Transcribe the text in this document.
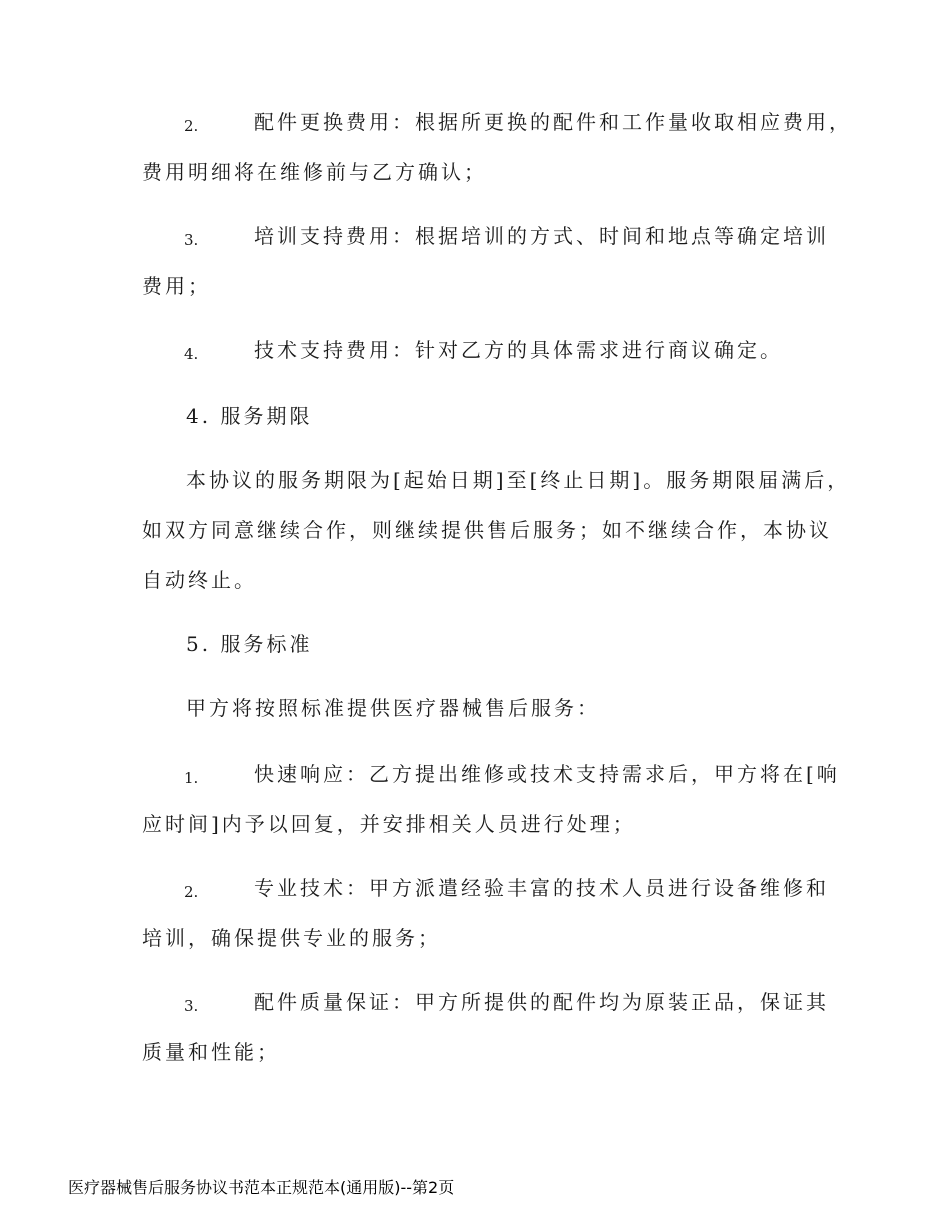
2.	配件更换费用：根据所更换的配件和工作量收取相应费用，
费用明细将在维修前与乙方确认；
3.	培训支持费用：根据培训的方式、时间和地点等确定培训
费用；
4.	技术支持费用：针对乙方的具体需求进行商议确定。
4. 服务期限
本协议的服务期限为[起始日期]至[终止日期]。服务期限届满后，
如双方同意继续合作，则继续提供售后服务；如不继续合作，本协议
自动终止。
5. 服务标准
甲方将按照标准提供医疗器械售后服务：
1.	快速响应：乙方提出维修或技术支持需求后，甲方将在[响
应时间]内予以回复，并安排相关人员进行处理；
2.	专业技术：甲方派遣经验丰富的技术人员进行设备维修和
培训，确保提供专业的服务；
3.	配件质量保证：甲方所提供的配件均为原装正品，保证其
质量和性能；
医疗器械售后服务协议书范本正规范本(通用版)--第2页
